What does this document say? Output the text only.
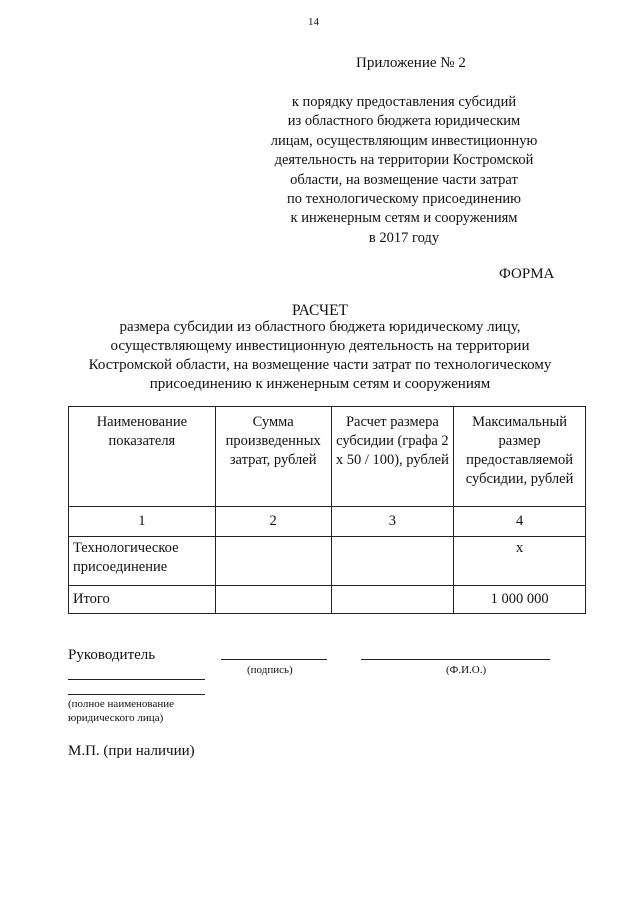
14
Приложение № 2
к порядку предоставления субсидий
из областного бюджета юридическим
лицам, осуществляющим инвестиционную
деятельность на территории Костромской
области, на возмещение части затрат
по технологическому присоединению
к инженерным сетям и сооружениям
в 2017 году
ФОРМА
РАСЧЕТ
размера субсидии из областного бюджета юридическому лицу,
осуществляющему инвестиционную деятельность на территории
Костромской области, на возмещение части затрат по технологическому
присоединению к инженерным сетям и сооружениям
Наименование показателя	Сумма произведенных затрат, рублей	Расчет размера субсидии (графа 2 x 50 / 100), рублей	Максимальный размер предоставляемой субсидии, рублей
1	2	3	4
Технологическое присоединение			x
Итого			1 000 000
Руководитель
(полное наименование
юридического лица)
(подпись)	(Ф.И.О.)
М.П. (при наличии)
